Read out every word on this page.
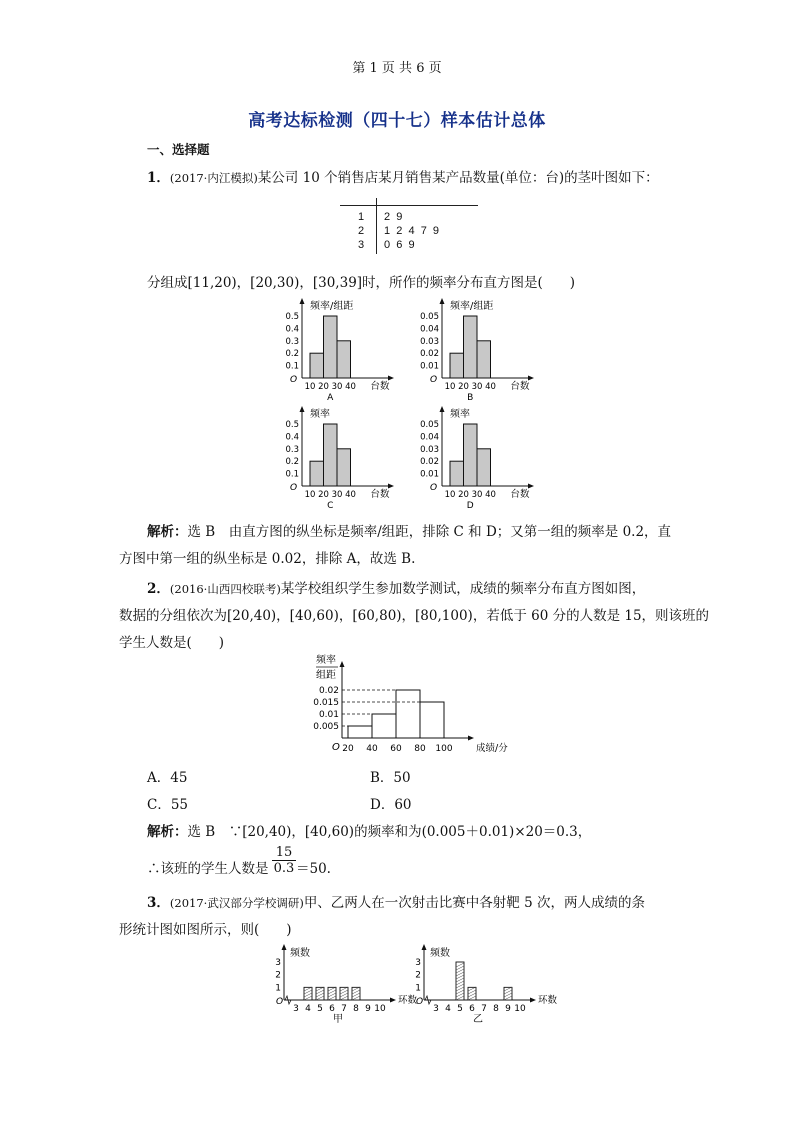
第 1 页 共 6 页
高考达标检测（四十七）样本估计总体
一、选择题
1．(2017·内江模拟)某公司 10 个销售店某月销售某产品数量(单位：台)的茎叶图如下：
1 2  9
2 1  2  4  7  9
3 0  6  9
分组成[11,20)，[20,30)，[30,39]时，所作的频率分布直方图是(　　)
频率/组距
O
0.1
0.2
0.3
0.4
0.5
10 20 30 40 台数
A
频率/组距
O
0.01
0.02
0.03
0.04
0.05
10 20 30 40 台数
B
频率
O
0.1
0.2
0.3
0.4
0.5
10 20 30 40 台数
C
频率
O
0.01
0.02
0.03
0.04
0.05
10 20 30 40 台数
D
解析：选 B　由直方图的纵坐标是频率/组距，排除 C 和 D；又第一组的频率是 0.2，直
方图中第一组的纵坐标是 0.02，排除 A，故选 B.
2．(2016·山西四校联考)某学校组织学生参加数学测试，成绩的频率分布直方图如图，
数据的分组依次为[20,40)，[40,60)，[60,80)，[80,100)，若低于 60 分的人数是 15，则该班的
学生人数是(　　)
频率
组距
O
0.005
0.01
0.015
0.02
20 40 60 80 100 成绩/分
A．45	B．50
C．55	D．60
解析：选 B　∵[20,40)，[40,60)的频率和为(0.005＋0.01)×20＝0.3，
∴该班的学生人数是 $\frac{15}{0.3} =50$.
3．(2017·武汉部分学校调研)甲、乙两人在一次射击比赛中各射靶 5 次，两人成绩的条
形统计图如图所示，则(　　)
频数
O
1
2
3
3 4 5 6 7 8 9 10
环数
甲
频数
O
1
2
3
3 4 5 6 7 8 9 10
环数
乙
